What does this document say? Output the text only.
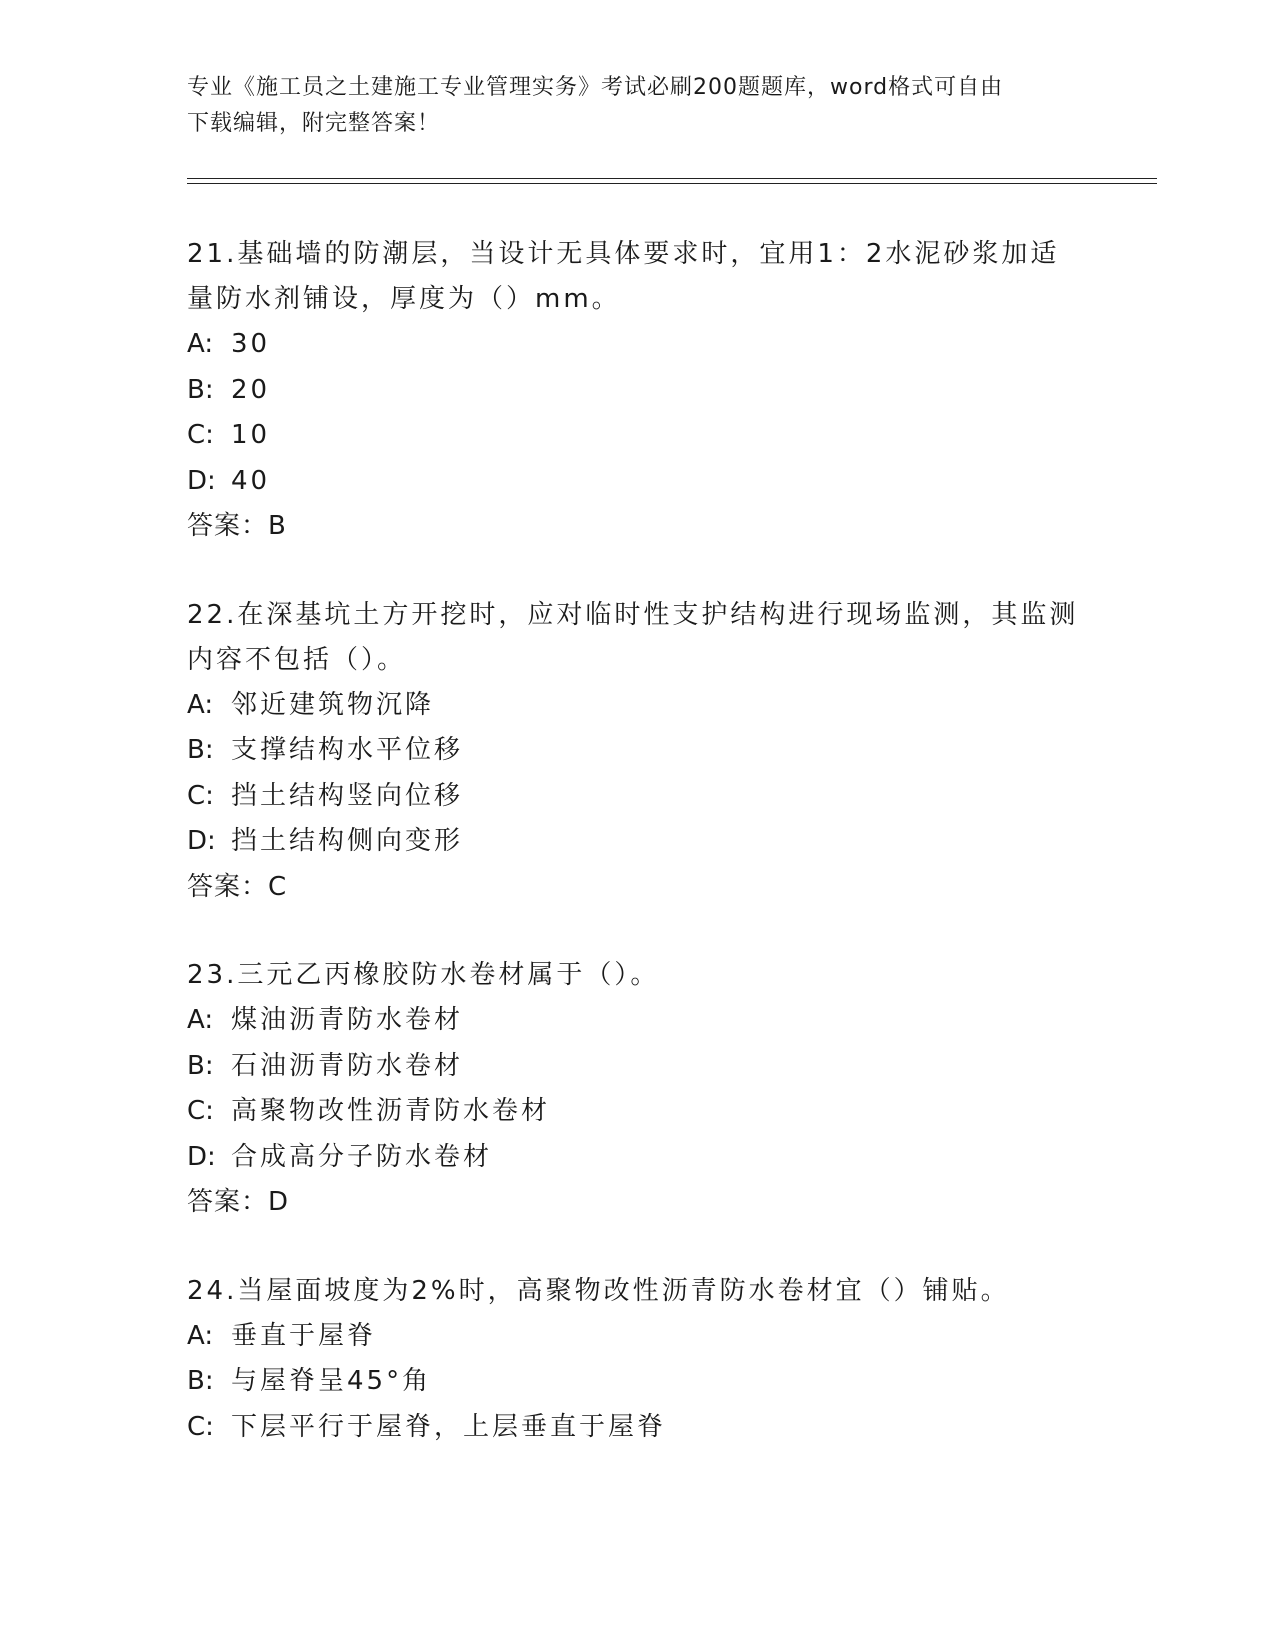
专业《施工员之土建施工专业管理实务》考试必刷200题题库，word格式可自由
下载编辑，附完整答案！

21.基础墙的防潮层，当设计无具体要求时，宜用1：2水泥砂浆加适

量防水剂铺设，厚度为（）mm。

A: 30

B: 20

C: 10

D: 40

答案：B

22.在深基坑土方开挖时，应对临时性支护结构进行现场监测，其监测

内容不包括（）。

A: 邻近建筑物沉降

B: 支撑结构水平位移

C: 挡土结构竖向位移

D: 挡土结构侧向变形

答案：C

23.三元乙丙橡胶防水卷材属于（）。

A: 煤油沥青防水卷材

B: 石油沥青防水卷材

C: 高聚物改性沥青防水卷材

D: 合成高分子防水卷材

答案：D

24.当屋面坡度为2%时，高聚物改性沥青防水卷材宜（）铺贴。

A: 垂直于屋脊

B: 与屋脊呈45°角

C: 下层平行于屋脊，上层垂直于屋脊
